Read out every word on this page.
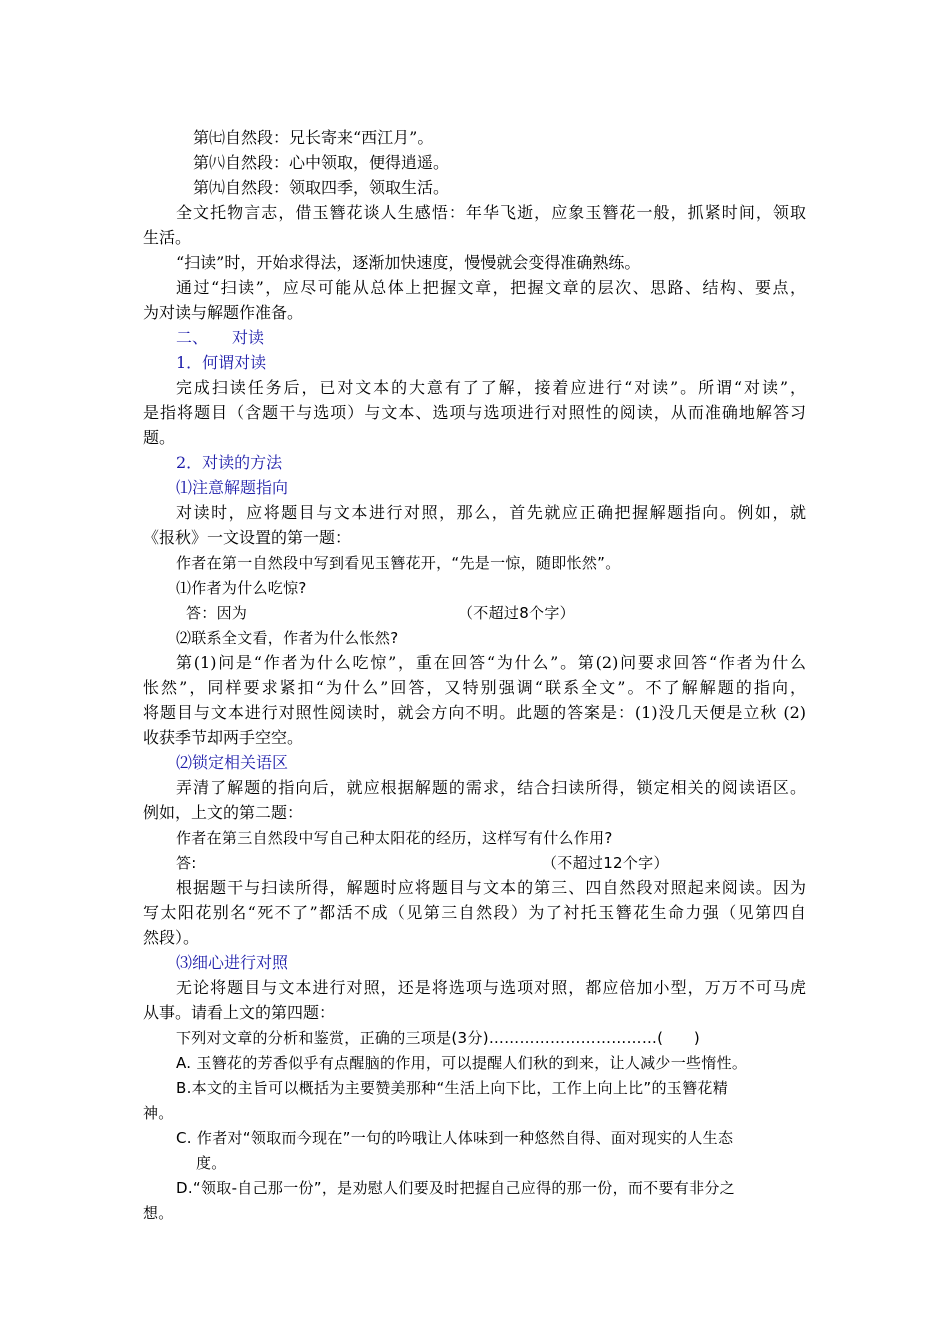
第㈦自然段：兄长寄来“西江月”。
第㈧自然段：心中领取，便得逍遥。
第㈨自然段：领取四季，领取生活。
全文托物言志，借玉簪花谈人生感悟：年华飞逝，应象玉簪花一般，抓紧时间，领取
生活。
“扫读”时，开始求得法，逐渐加快速度，慢慢就会变得准确熟练。
通过“扫读”，应尽可能从总体上把握文章，把握文章的层次、思路、结构、要点，
为对读与解题作准备。
二、　　对读
1．何谓对读
完成扫读任务后，已对文本的大意有了了解，接着应进行“对读”。所谓“对读”，
是指将题目（含题干与选项）与文本、选项与选项进行对照性的阅读，从而准确地解答习
题。
2．对读的方法
⑴注意解题指向
对读时，应将题目与文本进行对照，那么，首先就应正确把握解题指向。例如，就
《报秋》一文设置的第一题：
作者在第一自然段中写到看见玉簪花开，“先是一惊，随即怅然”。
⑴作者为什么吃惊?
答：因为	（不超过8个字）
⑵联系全文看，作者为什么怅然?
第(1)问是“作者为什么吃惊”，重在回答“为什么”。第(2)问要求回答“作者为什么
怅然”，同样要求紧扣“为什么”回答，又特别强调“联系全文”。不了解解题的指向，
将题目与文本进行对照性阅读时，就会方向不明。此题的答案是：(1)没几天便是立秋 (2)
收获季节却两手空空。
⑵锁定相关语区
弄清了解题的指向后，就应根据解题的需求，结合扫读所得，锁定相关的阅读语区。
例如，上文的第二题：
作者在第三自然段中写自己种太阳花的经历，这样写有什么作用?
答:	（不超过12个字）
根据题干与扫读所得，解题时应将题目与文本的第三、四自然段对照起来阅读。因为
写太阳花别名“死不了”都活不成（见第三自然段）为了衬托玉簪花生命力强（见第四自
然段）。
⑶细心进行对照
无论将题目与文本进行对照，还是将选项与选项对照，都应倍加小型，万万不可马虎
从事。请看上文的第四题：
下列对文章的分析和鉴赏，正确的三项是(3分)……………………………(　　)
A. 玉簪花的芳香似乎有点醒脑的作用，可以提醒人们秋的到来，让人减少一些惰性。
B.本文的主旨可以概括为主要赞美那种“生活上向下比，工作上向上比”的玉簪花精
神。
C. 作者对“领取而今现在”一句的吟哦让人体味到一种悠然自得、面对现实的人生态
度。
D.“领取-自己那一份”，是劝慰人们要及时把握自己应得的那一份，而不要有非分之
想。
